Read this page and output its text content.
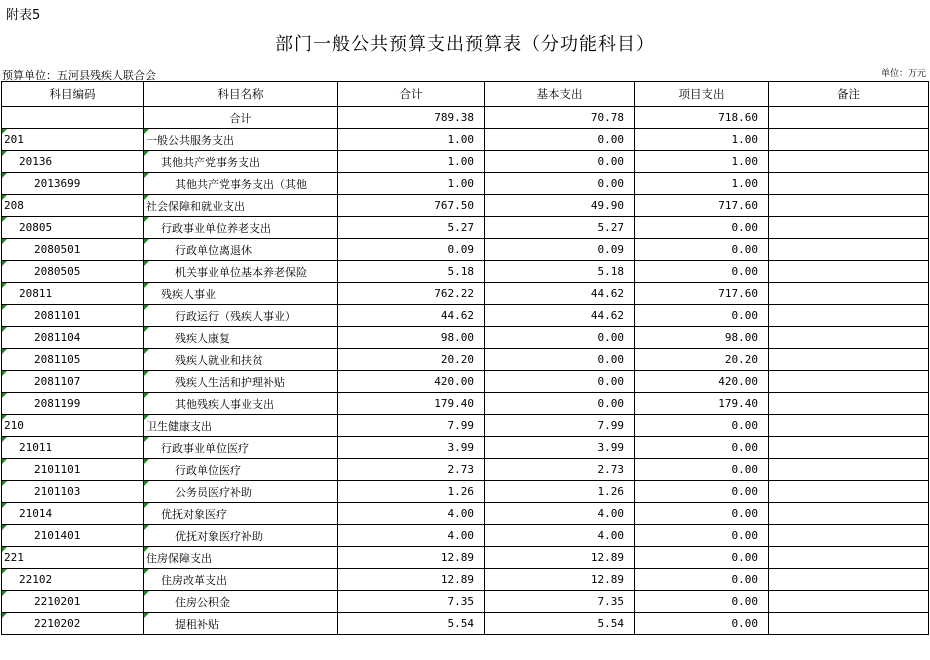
附表5
部门一般公共预算支出预算表（分功能科目）
预算单位：五河县残疾人联合会	单位：万元
科目编码	科目名称	合计	基本支出	项目支出	备注
	合计	789.38	70.78	718.60	

201	一般公共服务支出	1.00	0.00	1.00	

20136	其他共产党事务支出	1.00	0.00	1.00	

2013699	其他共产党事务支出（其他	1.00	0.00	1.00	

208	社会保障和就业支出	767.50	49.90	717.60	

20805	行政事业单位养老支出	5.27	5.27	0.00	

2080501	行政单位离退休	0.09	0.09	0.00	

2080505	机关事业单位基本养老保险	5.18	5.18	0.00	

20811	残疾人事业	762.22	44.62	717.60	

2081101	行政运行（残疾人事业）	44.62	44.62	0.00	

2081104	残疾人康复	98.00	0.00	98.00	

2081105	残疾人就业和扶贫	20.20	0.00	20.20	

2081107	残疾人生活和护理补贴	420.00	0.00	420.00	

2081199	其他残疾人事业支出	179.40	0.00	179.40	

210	卫生健康支出	7.99	7.99	0.00	

21011	行政事业单位医疗	3.99	3.99	0.00	

2101101	行政单位医疗	2.73	2.73	0.00	

2101103	公务员医疗补助	1.26	1.26	0.00	

21014	优抚对象医疗	4.00	4.00	0.00	

2101401	优抚对象医疗补助	4.00	4.00	0.00	

221	住房保障支出	12.89	12.89	0.00	

22102	住房改革支出	12.89	12.89	0.00	

2210201	住房公积金	7.35	7.35	0.00	

2210202	提租补贴	5.54	5.54	0.00	
